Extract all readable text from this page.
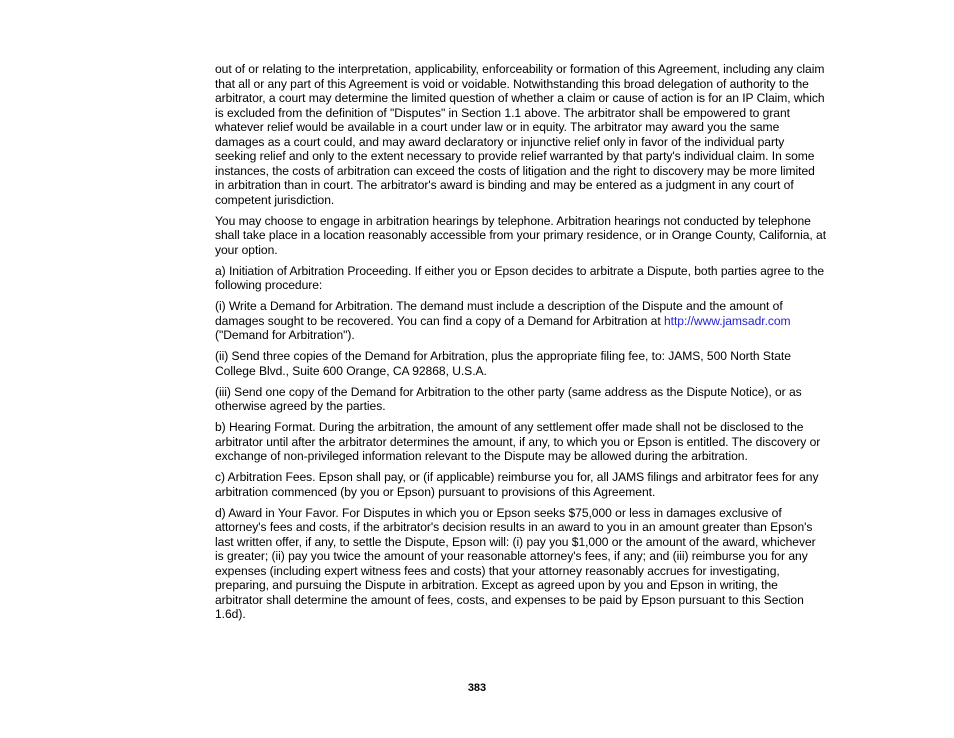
out of or relating to the interpretation, applicability, enforceability or formation of this Agreement, including any claim that all or any part of this Agreement is void or voidable. Notwithstanding this broad delegation of authority to the arbitrator, a court may determine the limited question of whether a claim or cause of action is for an IP Claim, which is excluded from the definition of "Disputes" in Section 1.1 above. The arbitrator shall be empowered to grant whatever relief would be available in a court under law or in equity. The arbitrator may award you the same damages as a court could, and may award declaratory or injunctive relief only in favor of the individual party seeking relief and only to the extent necessary to provide relief warranted by that party's individual claim. In some instances, the costs of arbitration can exceed the costs of litigation and the right to discovery may be more limited in arbitration than in court. The arbitrator's award is binding and may be entered as a judgment in any court of competent jurisdiction.

You may choose to engage in arbitration hearings by telephone. Arbitration hearings not conducted by telephone shall take place in a location reasonably accessible from your primary residence, or in Orange County, California, at your option.

a) Initiation of Arbitration Proceeding. If either you or Epson decides to arbitrate a Dispute, both parties agree to the following procedure:

(i) Write a Demand for Arbitration. The demand must include a description of the Dispute and the amount of damages sought to be recovered. You can find a copy of a Demand for Arbitration at http://www.jamsadr.com ("Demand for Arbitration").

(ii) Send three copies of the Demand for Arbitration, plus the appropriate filing fee, to: JAMS, 500 North State College Blvd., Suite 600 Orange, CA 92868, U.S.A.

(iii) Send one copy of the Demand for Arbitration to the other party (same address as the Dispute Notice), or as otherwise agreed by the parties.

b) Hearing Format. During the arbitration, the amount of any settlement offer made shall not be disclosed to the arbitrator until after the arbitrator determines the amount, if any, to which you or Epson is entitled. The discovery or exchange of non-privileged information relevant to the Dispute may be allowed during the arbitration.

c) Arbitration Fees. Epson shall pay, or (if applicable) reimburse you for, all JAMS filings and arbitrator fees for any arbitration commenced (by you or Epson) pursuant to provisions of this Agreement.

d) Award in Your Favor. For Disputes in which you or Epson seeks $75,000 or less in damages exclusive of attorney's fees and costs, if the arbitrator's decision results in an award to you in an amount greater than Epson's last written offer, if any, to settle the Dispute, Epson will: (i) pay you $1,000 or the amount of the award, whichever is greater; (ii) pay you twice the amount of your reasonable attorney's fees, if any; and (iii) reimburse you for any expenses (including expert witness fees and costs) that your attorney reasonably accrues for investigating, preparing, and pursuing the Dispute in arbitration. Except as agreed upon by you and Epson in writing, the arbitrator shall determine the amount of fees, costs, and expenses to be paid by Epson pursuant to this Section 1.6d).

383
